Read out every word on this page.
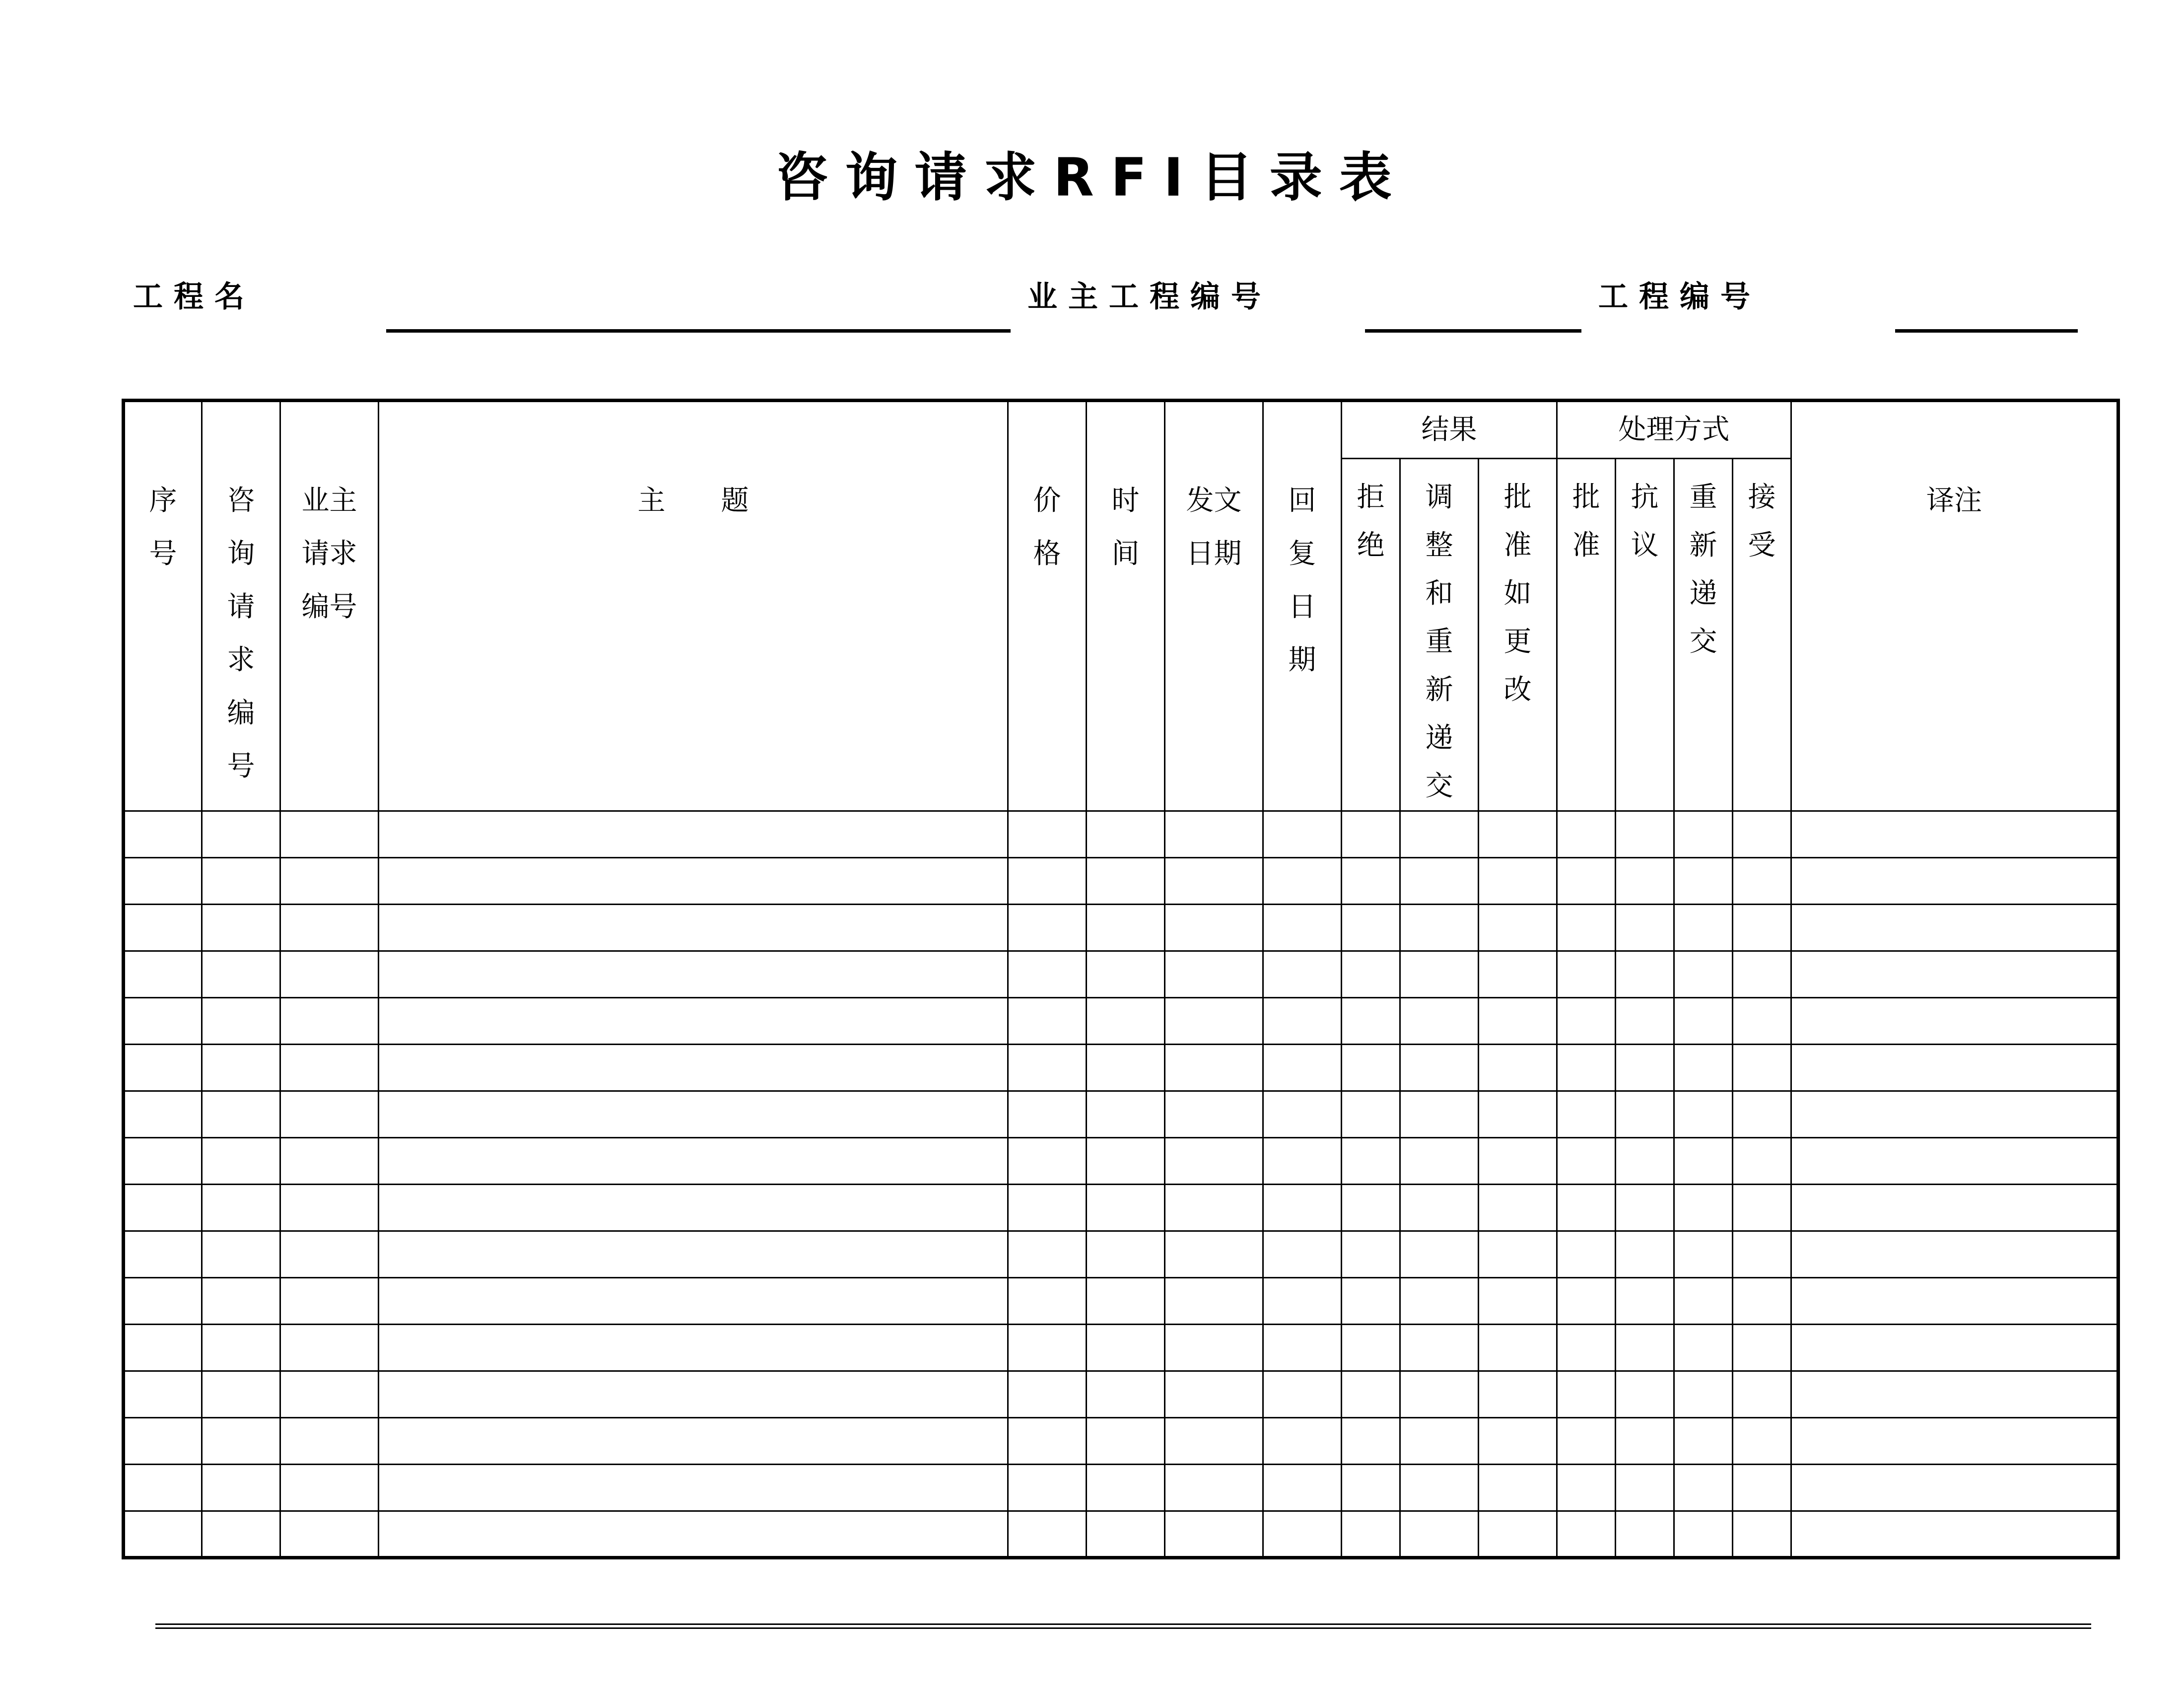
咨询请求RFI目录表
工程名	业主工程编号	工程编号
序号	咨询请求编号	业主请求编号	主　　题	价格	时间	发文日期	回复日期	结果			处理方式				译注

								拒绝	调整和重新递交	批准如更改	批准	抗议	重新递交	接受	
